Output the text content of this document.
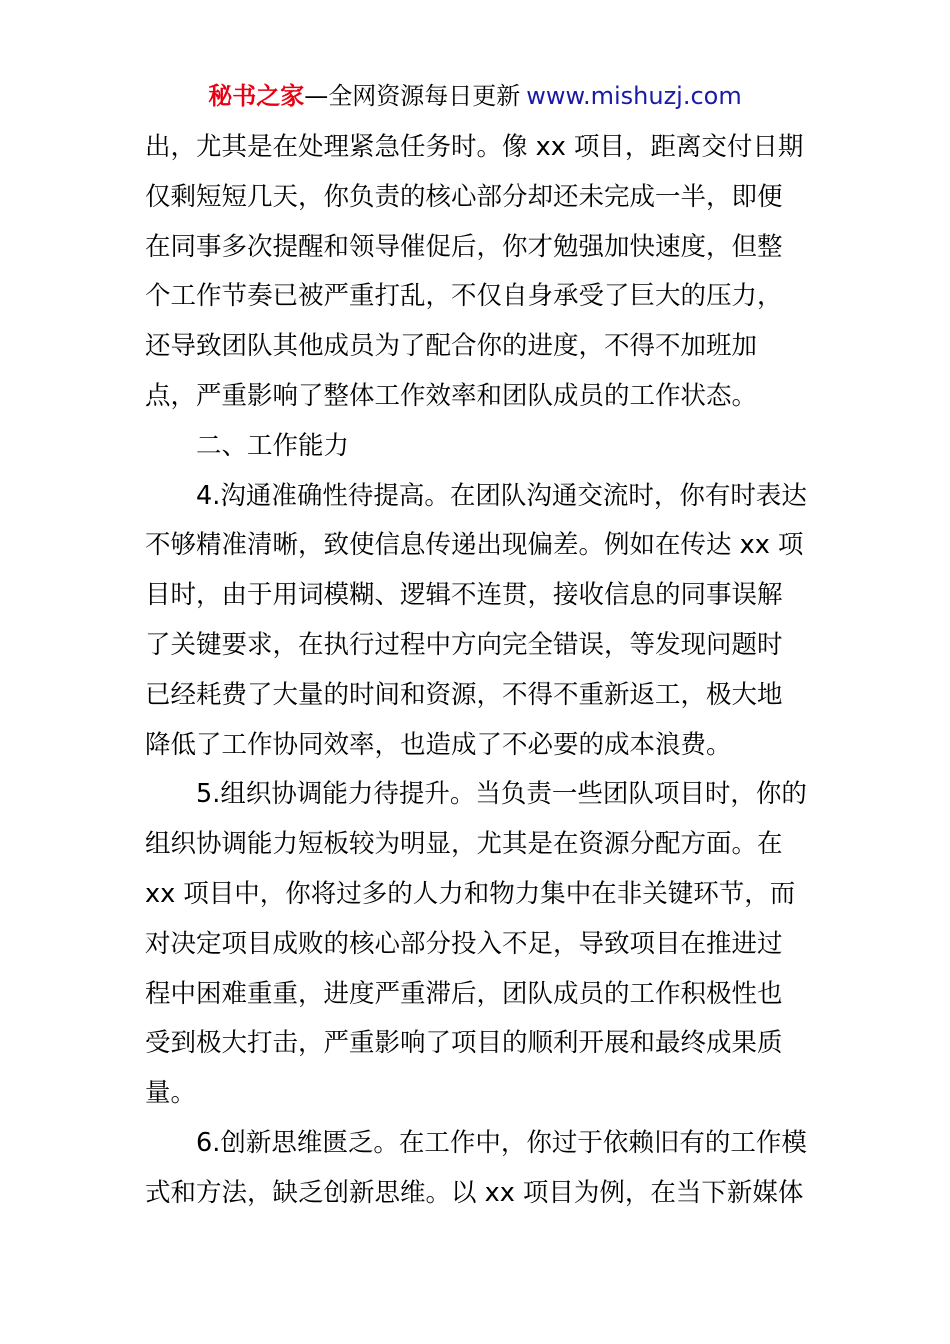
秘书之家—全网资源每日更新 www.mishuzj.com
出，尤其是在处理紧急任务时。像 xx 项目，距离交付日期
仅剩短短几天，你负责的核心部分却还未完成一半，即便
在同事多次提醒和领导催促后，你才勉强加快速度，但整
个工作节奏已被严重打乱，不仅自身承受了巨大的压力，
还导致团队其他成员为了配合你的进度，不得不加班加
点，严重影响了整体工作效率和团队成员的工作状态。
二、工作能力
4.沟通准确性待提高。在团队沟通交流时，你有时表达
不够精准清晰，致使信息传递出现偏差。例如在传达 xx 项
目时，由于用词模糊、逻辑不连贯，接收信息的同事误解
了关键要求，在执行过程中方向完全错误，等发现问题时
已经耗费了大量的时间和资源，不得不重新返工，极大地
降低了工作协同效率，也造成了不必要的成本浪费。
5.组织协调能力待提升。当负责一些团队项目时，你的
组织协调能力短板较为明显，尤其是在资源分配方面。在
xx 项目中，你将过多的人力和物力集中在非关键环节，而
对决定项目成败的核心部分投入不足，导致项目在推进过
程中困难重重，进度严重滞后，团队成员的工作积极性也
受到极大打击，严重影响了项目的顺利开展和最终成果质
量。
6.创新思维匮乏。在工作中，你过于依赖旧有的工作模
式和方法，缺乏创新思维。以 xx 项目为例，在当下新媒体
